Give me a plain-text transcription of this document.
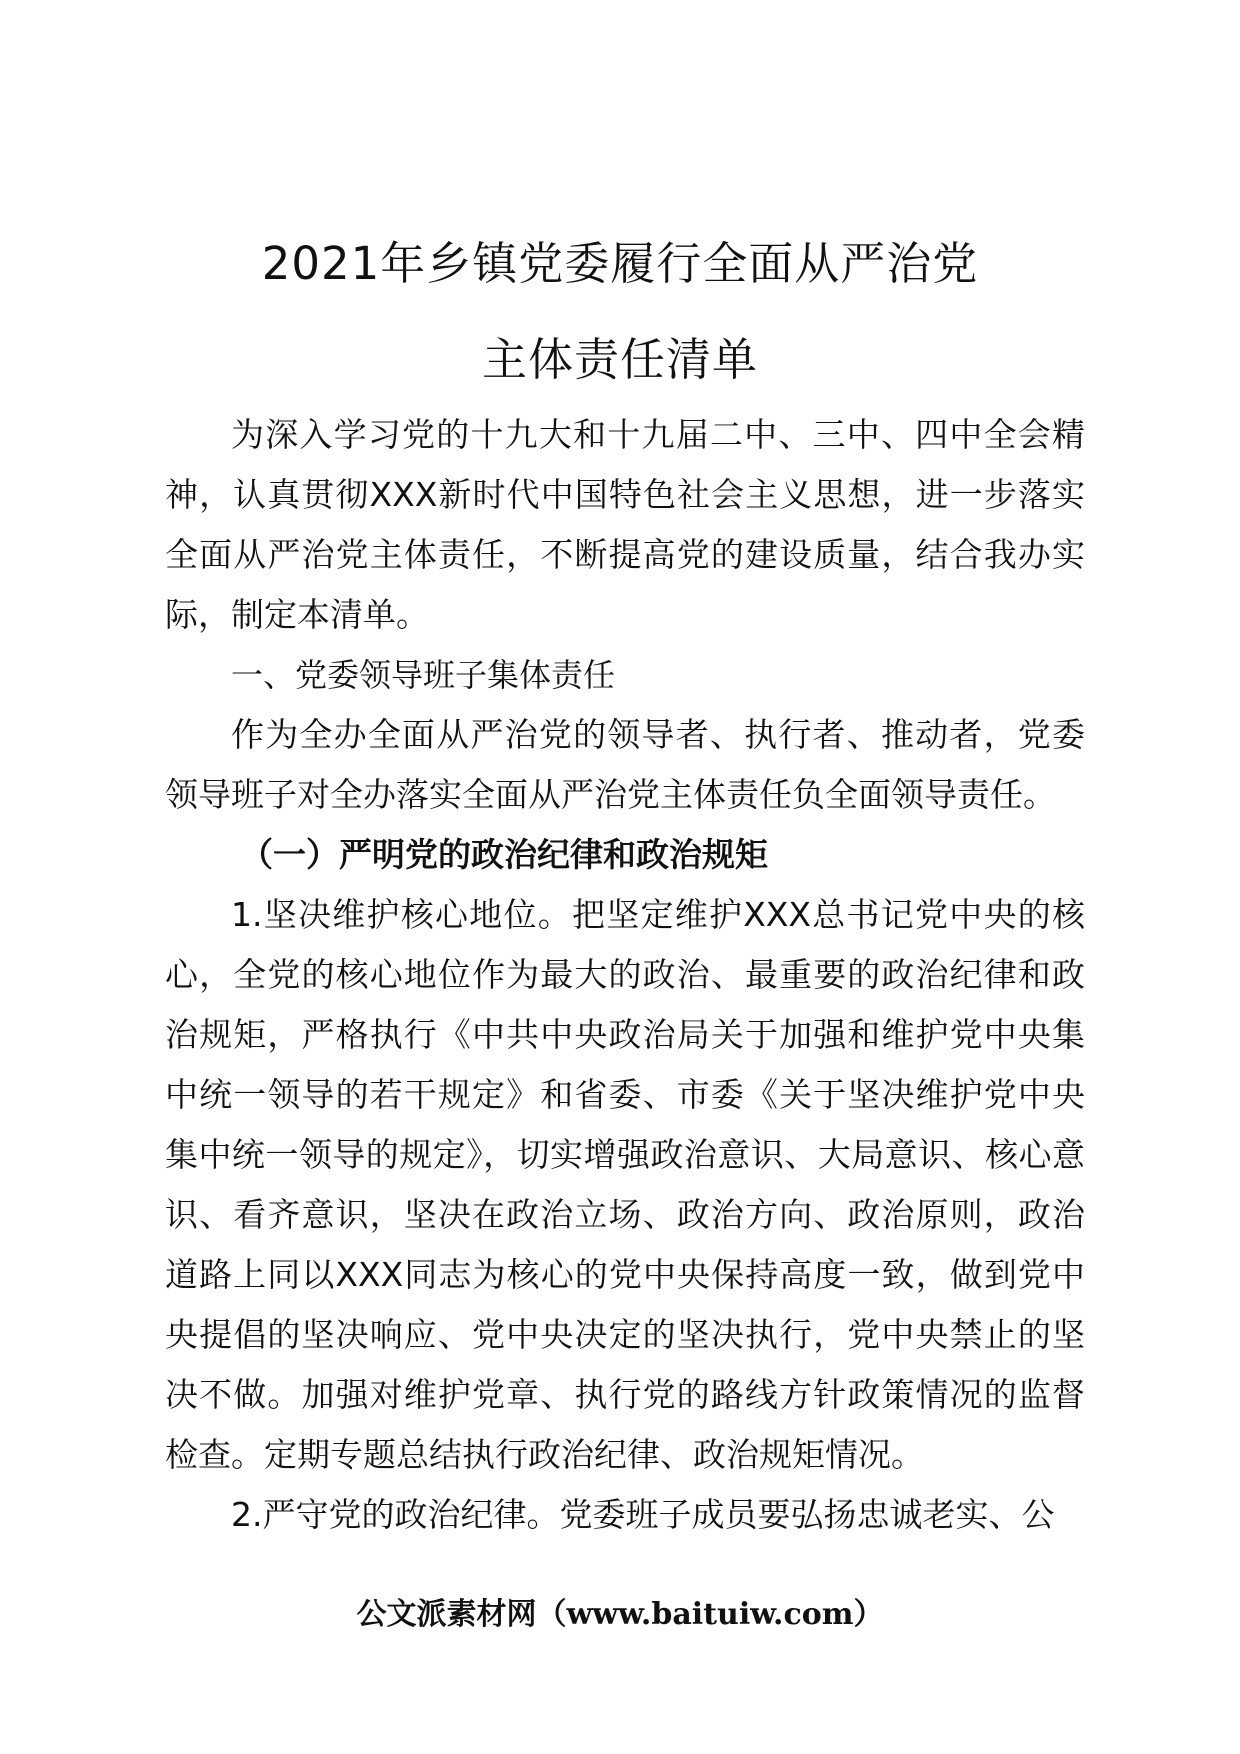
2021年乡镇党委履行全面从严治党
主体责任清单

为深入学习党的十九大和十九届二中、三中、四中全会精神，认真贯彻XXX新时代中国特色社会主义思想，进一步落实全面从严治党主体责任，不断提高党的建设质量，结合我办实际，制定本清单。

一、党委领导班子集体责任

作为全办全面从严治党的领导者、执行者、推动者，党委领导班子对全办落实全面从严治党主体责任负全面领导责任。

（一）严明党的政治纪律和政治规矩

1.坚决维护核心地位。把坚定维护XXX总书记党中央的核心，全党的核心地位作为最大的政治、最重要的政治纪律和政治规矩，严格执行《中共中央政治局关于加强和维护党中央集中统一领导的若干规定》和省委、市委《关于坚决维护党中央集中统一领导的规定》，切实增强政治意识、大局意识、核心意识、看齐意识，坚决在政治立场、政治方向、政治原则，政治道路上同以XXX同志为核心的党中央保持高度一致，做到党中央提倡的坚决响应、党中央决定的坚决执行，党中央禁止的坚决不做。加强对维护党章、执行党的路线方针政策情况的监督检查。定期专题总结执行政治纪律、政治规矩情况。

2.严守党的政治纪律。党委班子成员要弘扬忠诚老实、公

公文派素材网（www.baituiw.com）
